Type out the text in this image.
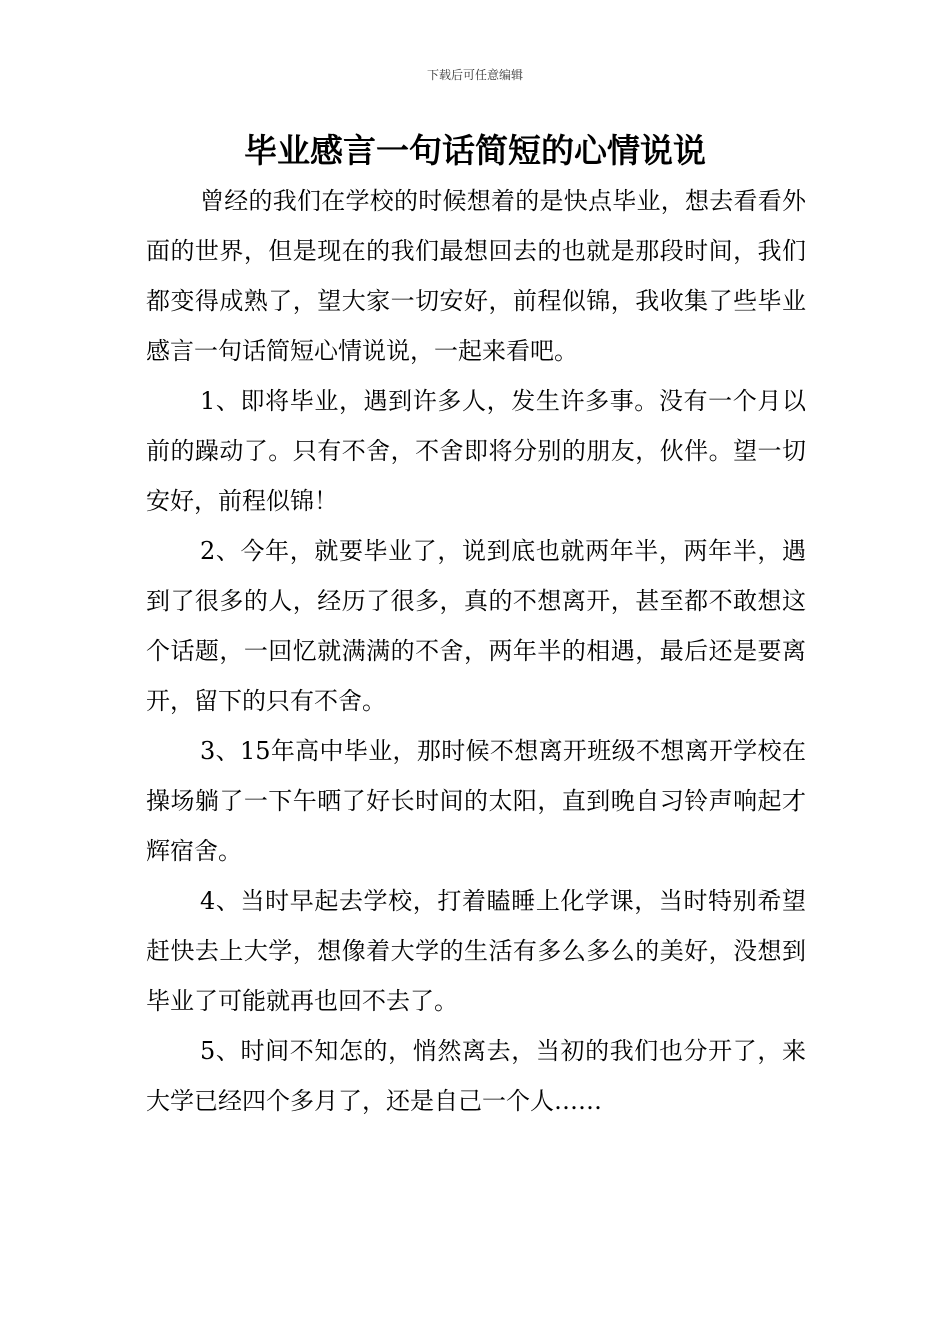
下载后可任意编辑
毕业感言一句话简短的心情说说

曾经的我们在学校的时候想着的是快点毕业，想去看看外面的世界，但是现在的我们最想回去的也就是那段时间，我们都变得成熟了，望大家一切安好，前程似锦，我收集了些毕业感言一句话简短心情说说，一起来看吧。

1、即将毕业，遇到许多人，发生许多事。没有一个月以前的躁动了。只有不舍，不舍即将分别的朋友，伙伴。望一切安好，前程似锦！

2、今年，就要毕业了，说到底也就两年半，两年半，遇到了很多的人，经历了很多，真的不想离开，甚至都不敢想这个话题，一回忆就满满的不舍，两年半的相遇，最后还是要离开，留下的只有不舍。

3、15年高中毕业，那时候不想离开班级不想离开学校在操场躺了一下午晒了好长时间的太阳，直到晚自习铃声响起才辉宿舍。

4、当时早起去学校，打着瞌睡上化学课，当时特别希望赶快去上大学，想像着大学的生活有多么多么的美好，没想到毕业了可能就再也回不去了。

5、时间不知怎的，悄然离去，当初的我们也分开了，来大学已经四个多月了，还是自己一个人……
